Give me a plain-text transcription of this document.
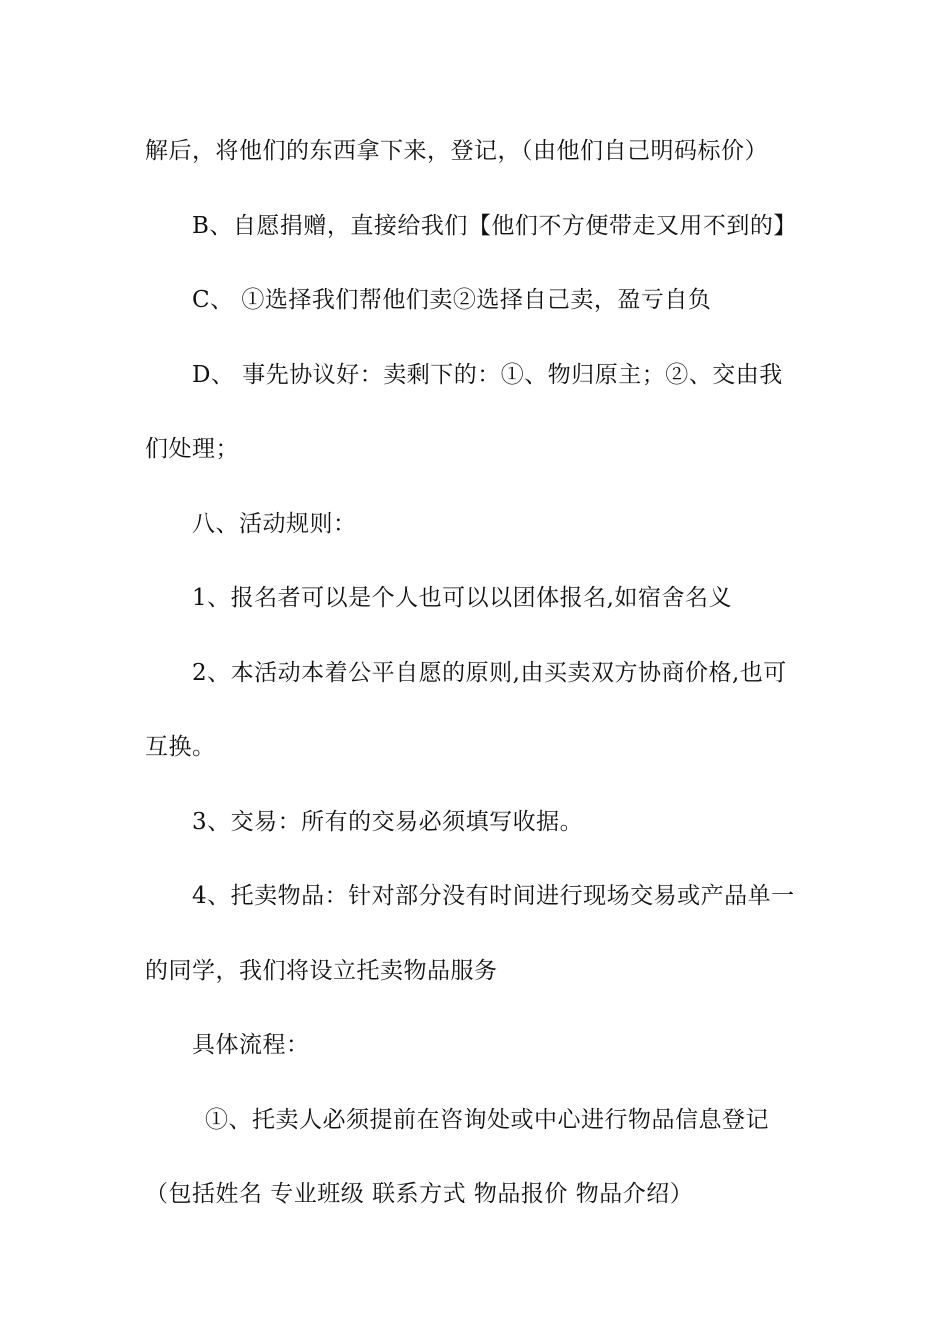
解后，将他们的东西拿下来，登记，（由他们自己明码标价）
B、自愿捐赠，直接给我们【他们不方便带走又用不到的】
C、 ①选择我们帮他们卖②选择自己卖，盈亏自负
D、 事先协议好：卖剩下的：①、物归原主；②、交由我
们处理；
八、活动规则：
1、报名者可以是个人也可以以团体报名,如宿舍名义
2、本活动本着公平自愿的原则,由买卖双方协商价格,也可
互换。
3、交易：所有的交易必须填写收据。
4、托卖物品：针对部分没有时间进行现场交易或产品单一
的同学，我们将设立托卖物品服务
具体流程：
①、托卖人必须提前在咨询处或中心进行物品信息登记
（包括姓名 专业班级 联系方式 物品报价 物品介绍）
